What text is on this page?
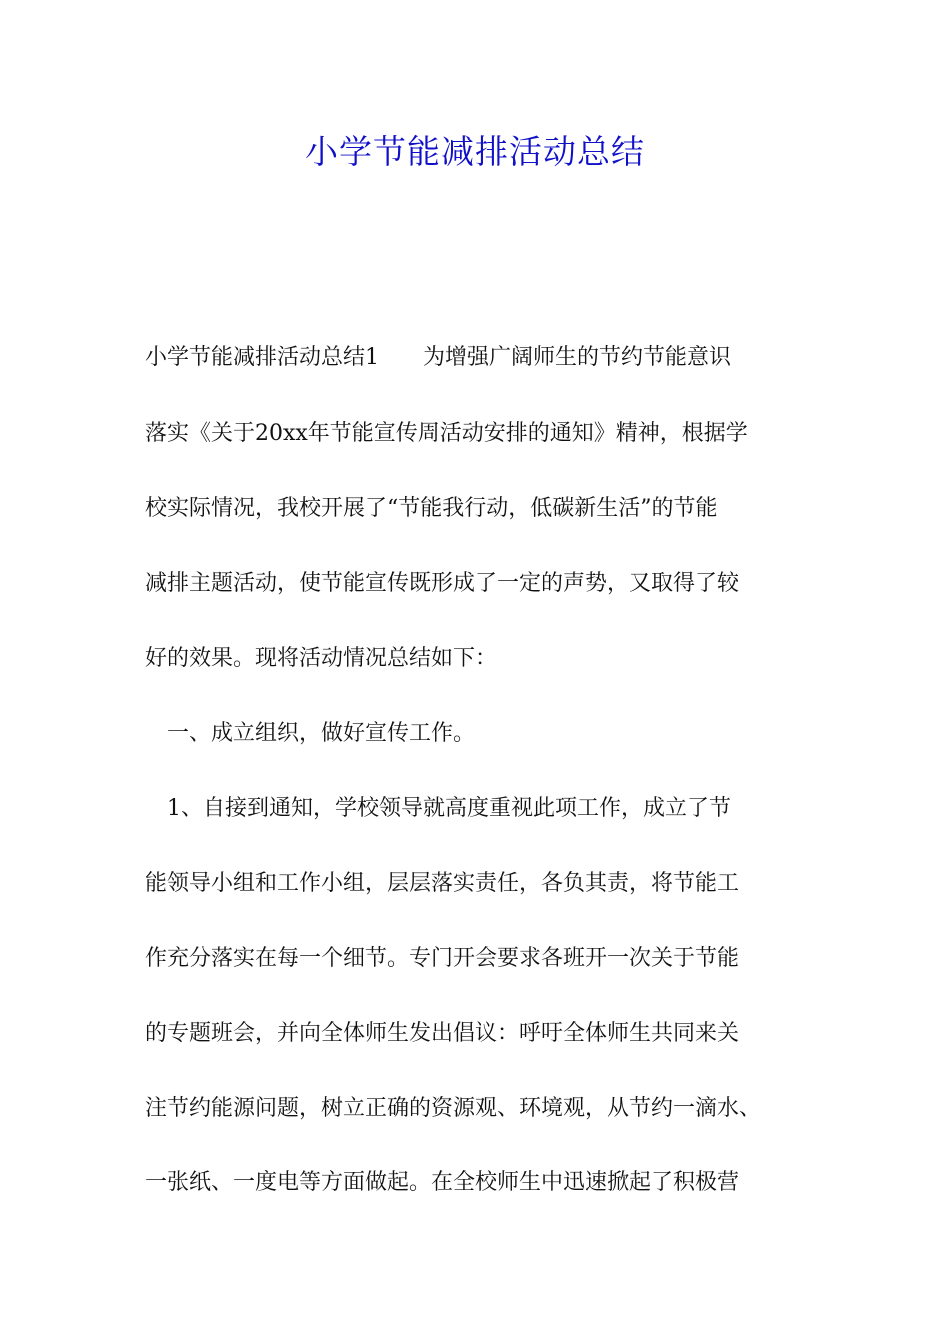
小学节能减排活动总结

小学节能减排活动总结1　　为增强广阔师生的节约节能意识

落实《关于20xx年节能宣传周活动安排的通知》精神，根据学

校实际情况，我校开展了“节能我行动，低碳新生活”的节能

减排主题活动，使节能宣传既形成了一定的声势，又取得了较

好的效果。现将活动情况总结如下：

　一、成立组织，做好宣传工作。

　1、自接到通知，学校领导就高度重视此项工作，成立了节

能领导小组和工作小组，层层落实责任，各负其责，将节能工

作充分落实在每一个细节。专门开会要求各班开一次关于节能

的专题班会，并向全体师生发出倡议：呼吁全体师生共同来关

注节约能源问题，树立正确的资源观、环境观，从节约一滴水、

一张纸、一度电等方面做起。在全校师生中迅速掀起了积极营
